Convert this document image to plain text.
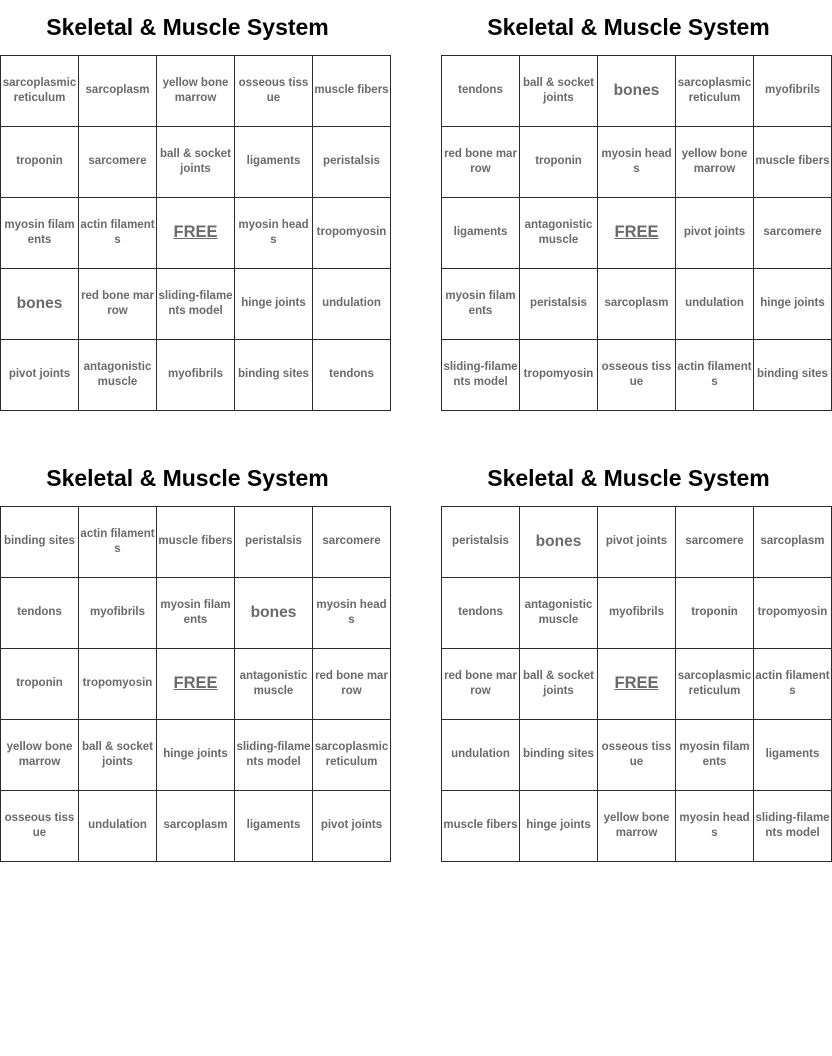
Skeletal & Muscle System
sarcoplasmic reticulum	sarcoplasm	yellow bone marrow	osseous tissue	muscle fibers
troponin	sarcomere	ball & socket joints	ligaments	peristalsis
myosin filaments	actin filaments	FREE	myosin heads	tropomyosin
bones	red bone marrow	sliding-filaments model	hinge joints	undulation
pivot joints	antagonistic muscle	myofibrils	binding sites	tendons
Skeletal & Muscle System
tendons	ball & socket joints	bones	sarcoplasmic reticulum	myofibrils
red bone marrow	troponin	myosin heads	yellow bone marrow	muscle fibers
ligaments	antagonistic muscle	FREE	pivot joints	sarcomere
myosin filaments	peristalsis	sarcoplasm	undulation	hinge joints
sliding-filaments model	tropomyosin	osseous tissue	actin filaments	binding sites
Skeletal & Muscle System
binding sites	actin filaments	muscle fibers	peristalsis	sarcomere
tendons	myofibrils	myosin filaments	bones	myosin heads
troponin	tropomyosin	FREE	antagonistic muscle	red bone marrow
yellow bone marrow	ball & socket joints	hinge joints	sliding-filaments model	sarcoplasmic reticulum
osseous tissue	undulation	sarcoplasm	ligaments	pivot joints
Skeletal & Muscle System
peristalsis	bones	pivot joints	sarcomere	sarcoplasm
tendons	antagonistic muscle	myofibrils	troponin	tropomyosin
red bone marrow	ball & socket joints	FREE	sarcoplasmic reticulum	actin filaments
undulation	binding sites	osseous tissue	myosin filaments	ligaments
muscle fibers	hinge joints	yellow bone marrow	myosin heads	sliding-filaments model
